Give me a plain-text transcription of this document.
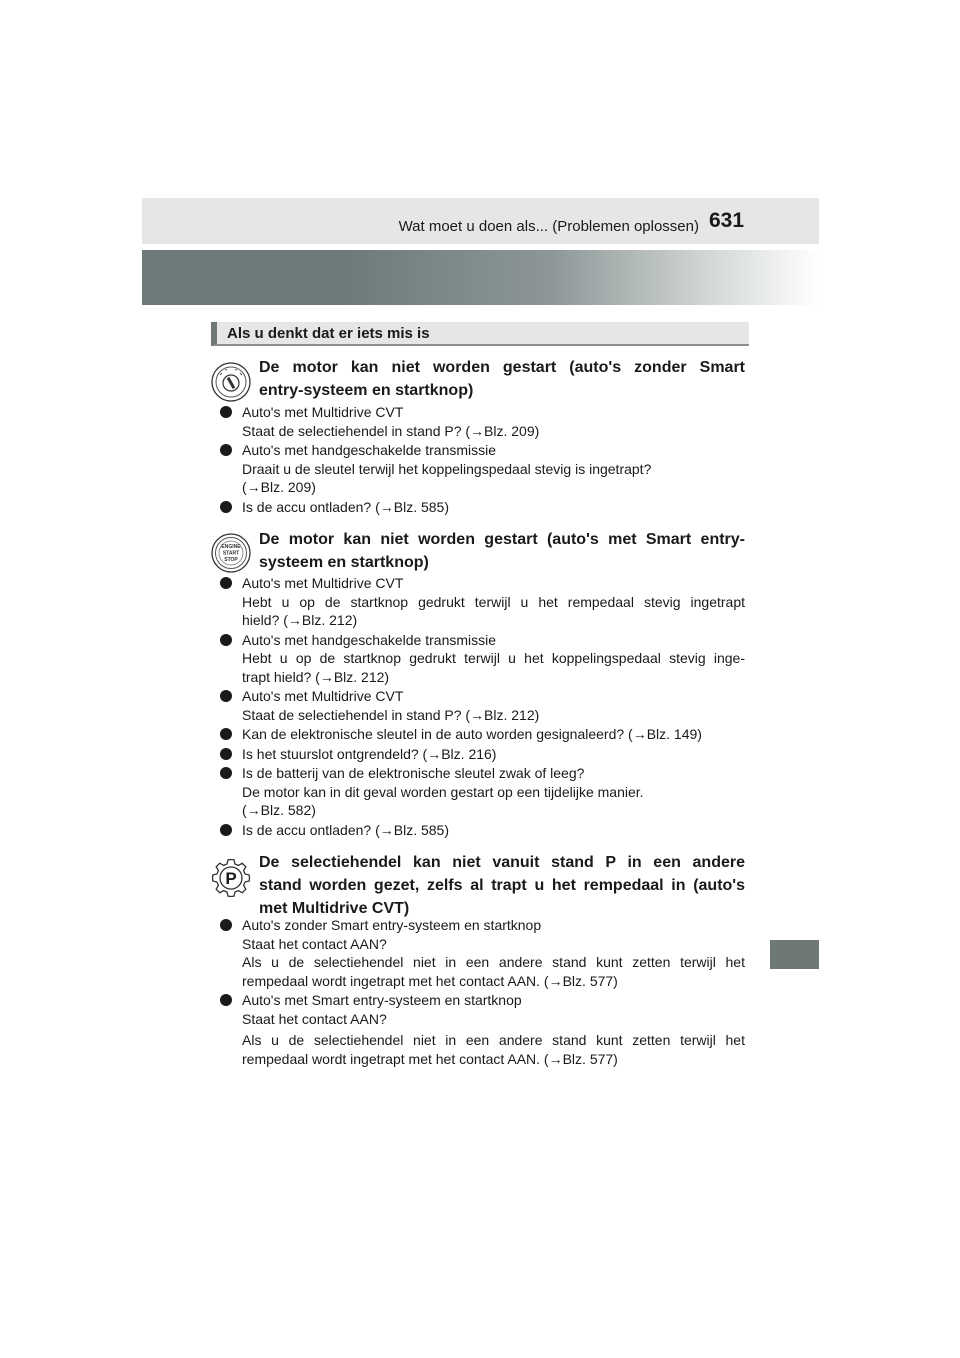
Wat moet u doen als... (Problemen oplossen) 631
Als u denkt dat er iets mis is
De motor kan niet worden gestart (auto's zonder Smart
entry-systeem en startknop)
Auto's met Multidrive CVT
Staat de selectiehendel in stand P? (→Blz. 209)
Auto's met handgeschakelde transmissie
Draait u de sleutel terwijl het koppelingspedaal stevig is ingetrapt?
(→Blz. 209)
Is de accu ontladen? (→Blz. 585)
ENGINE
START
STOP
De motor kan niet worden gestart (auto's met Smart entry-
systeem en startknop)
Auto's met Multidrive CVT
Hebt u op de startknop gedrukt terwijl u het rempedaal stevig ingetrapt
hield? (→Blz. 212)
Auto's met handgeschakelde transmissie
Hebt u op de startknop gedrukt terwijl u het koppelingspedaal stevig inge-
trapt hield? (→Blz. 212)
Auto's met Multidrive CVT
Staat de selectiehendel in stand P? (→Blz. 212)
Kan de elektronische sleutel in de auto worden gesignaleerd? (→Blz. 149)
Is het stuurslot ontgrendeld? (→Blz. 216)
Is de batterij van de elektronische sleutel zwak of leeg?
De motor kan in dit geval worden gestart op een tijdelijke manier.
(→Blz. 582)
Is de accu ontladen? (→Blz. 585)
P
De selectiehendel kan niet vanuit stand P in een andere
stand worden gezet, zelfs al trapt u het rempedaal in (auto's
met Multidrive CVT)
Auto's zonder Smart entry-systeem en startknop
Staat het contact AAN?
Als u de selectiehendel niet in een andere stand kunt zetten terwijl het
rempedaal wordt ingetrapt met het contact AAN. (→Blz. 577)
Auto's met Smart entry-systeem en startknop
Staat het contact AAN?
Als u de selectiehendel niet in een andere stand kunt zetten terwijl het
rempedaal wordt ingetrapt met het contact AAN. (→Blz. 577)
